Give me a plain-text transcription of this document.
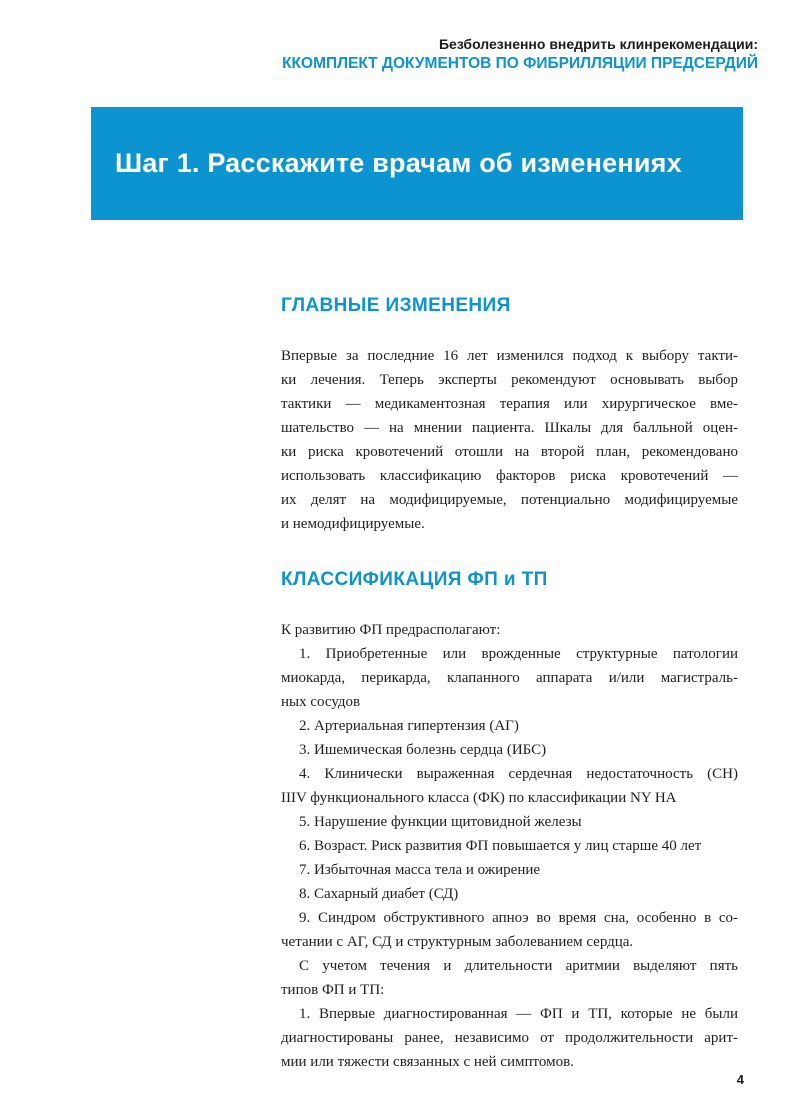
Безболезненно внедрить клинрекомендации:
ККОМПЛЕКТ ДОКУМЕНТОВ ПО ФИБРИЛЛЯЦИИ ПРЕДСЕРДИЙ
Шаг 1. Расскажите врачам об изменениях
ГЛАВНЫЕ ИЗМЕНЕНИЯ
Впервые за последние 16 лет изменился подход к выбору такти-
ки лечения. Теперь эксперты рекомендуют основывать выбор
тактики — медикаментозная терапия или хирургическое вме-
шательство — на мнении пациента. Шкалы для балльной оцен-
ки риска кровотечений отошли на второй план, рекомендовано
использовать классификацию факторов риска кровотечений —
их делят на модифицируемые, потенциально модифицируемые
и немодифицируемые.
КЛАССИФИКАЦИЯ ФП и ТП
К развитию ФП предрасполагают:
1. Приобретенные или врожденные структурные патологии
миокарда, перикарда, клапанного аппарата и/или магистраль-
ных сосудов
2. Артериальная гипертензия (АГ)
3. Ишемическая болезнь сердца (ИБС)
4. Клинически выраженная сердечная недостаточность (СН)
IIIV функционального класса (ФК) по классификации NY HA
5. Нарушение функции щитовидной железы
6. Возраст. Риск развития ФП повышается у лиц старше 40 лет
7. Избыточная масса тела и ожирение
8. Сахарный диабет (СД)
9. Синдром обструктивного апноэ во время сна, особенно в со-
четании с АГ, СД и структурным заболеванием сердца.
С учетом течения и длительности аритмии выделяют пять
типов ФП и ТП:
1. Впервые диагностированная — ФП и ТП, которые не были
диагностированы ранее, независимо от продолжительности арит-
мии или тяжести связанных с ней симптомов.
4
